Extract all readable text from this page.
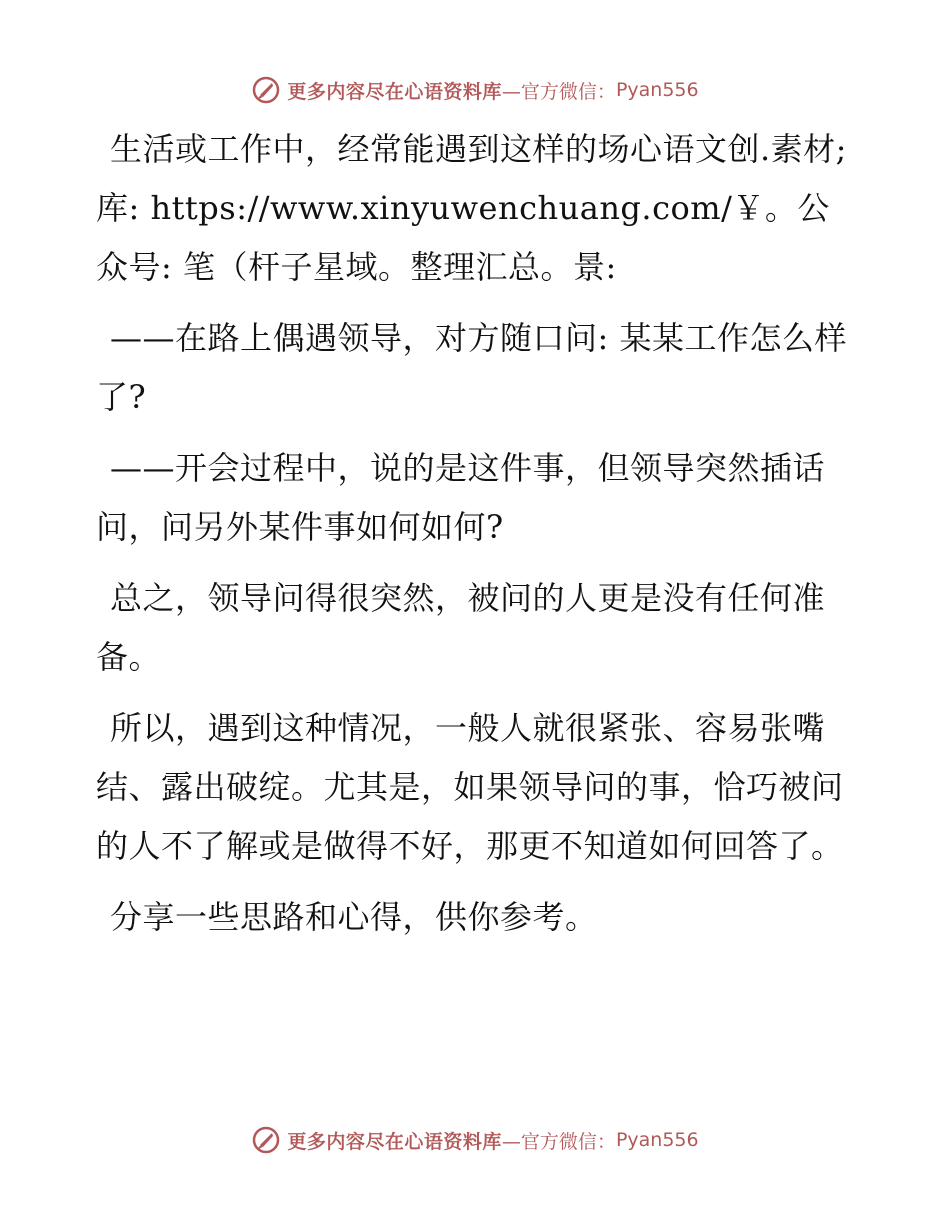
更多内容尽在心语资料库 —官方微信： Pyan556

生活或工作中，经常能遇到这样的场心语文创.素材;库: https://www.xinyuwenchuang.com/￥。公众号: 笔（杆子星域。整理汇总。景:

——在路上偶遇领导，对方随口问: 某某工作怎么样了?

——开会过程中，说的是这件事，但领导突然插话问，问另外某件事如何如何?

总之，领导问得很突然，被问的人更是没有任何准备。

所以，遇到这种情况，一般人就很紧张、容易张嘴结、露出破绽。尤其是，如果领导问的事，恰巧被问的人不了解或是做得不好，那更不知道如何回答了。

分享一些思路和心得，供你参考。

更多内容尽在心语资料库 —官方微信： Pyan556
